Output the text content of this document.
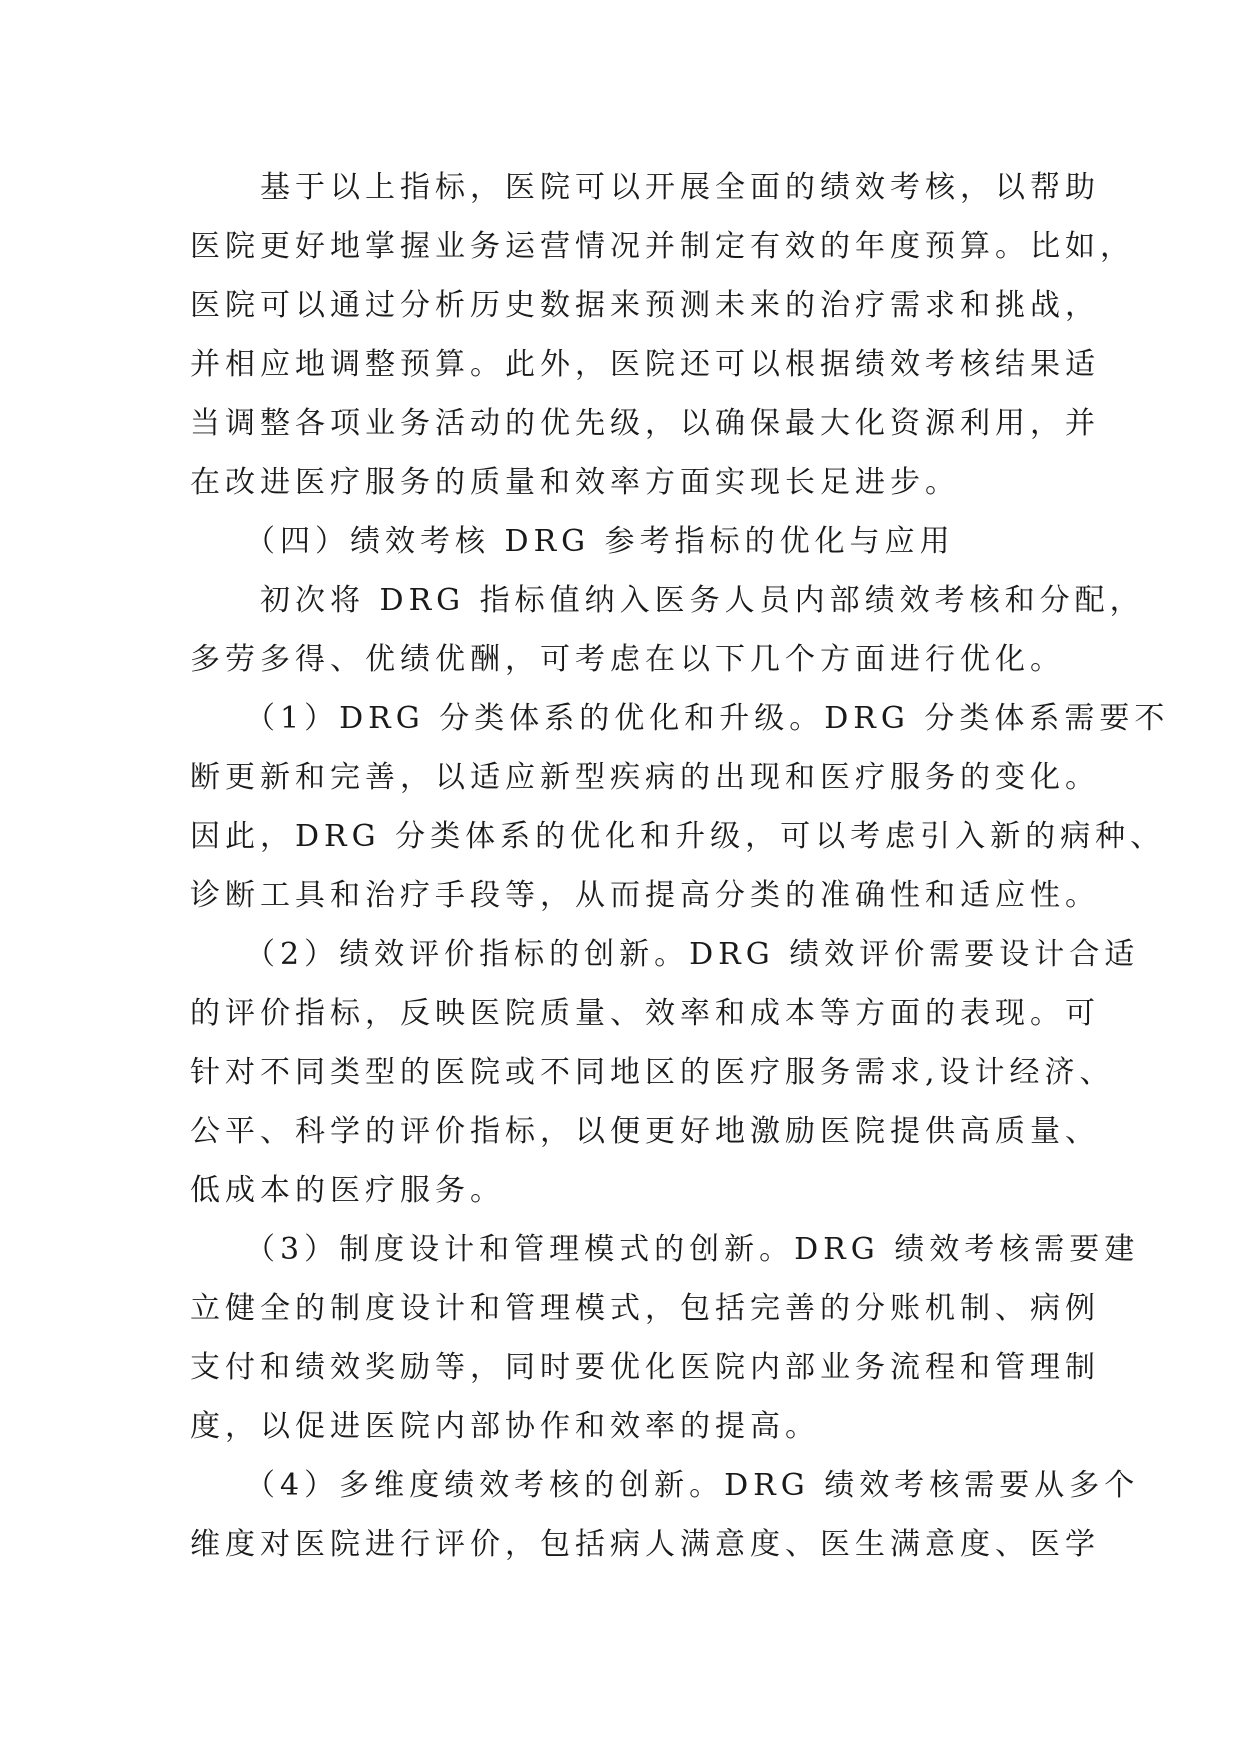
　　基于以上指标，医院可以开展全面的绩效考核，以帮助
医院更好地掌握业务运营情况并制定有效的年度预算。比如，
医院可以通过分析历史数据来预测未来的治疗需求和挑战，
并相应地调整预算。此外，医院还可以根据绩效考核结果适
当调整各项业务活动的优先级，以确保最大化资源利用，并
在改进医疗服务的质量和效率方面实现长足进步。
　　（四）绩效考核 DRG 参考指标的优化与应用
　　初次将 DRG 指标值纳入医务人员内部绩效考核和分配，
多劳多得、优绩优酬，可考虑在以下几个方面进行优化。
　　（1）DRG 分类体系的优化和升级。DRG 分类体系需要不
断更新和完善，以适应新型疾病的出现和医疗服务的变化。
因此，DRG 分类体系的优化和升级，可以考虑引入新的病种、
诊断工具和治疗手段等，从而提高分类的准确性和适应性。
　　（2）绩效评价指标的创新。DRG 绩效评价需要设计合适
的评价指标，反映医院质量、效率和成本等方面的表现。可
针对不同类型的医院或不同地区的医疗服务需求,设计经济、
公平、科学的评价指标，以便更好地激励医院提供高质量、
低成本的医疗服务。
　　（3）制度设计和管理模式的创新。DRG 绩效考核需要建
立健全的制度设计和管理模式，包括完善的分账机制、病例
支付和绩效奖励等，同时要优化医院内部业务流程和管理制
度，以促进医院内部协作和效率的提高。
　　（4）多维度绩效考核的创新。DRG 绩效考核需要从多个
维度对医院进行评价，包括病人满意度、医生满意度、医学
